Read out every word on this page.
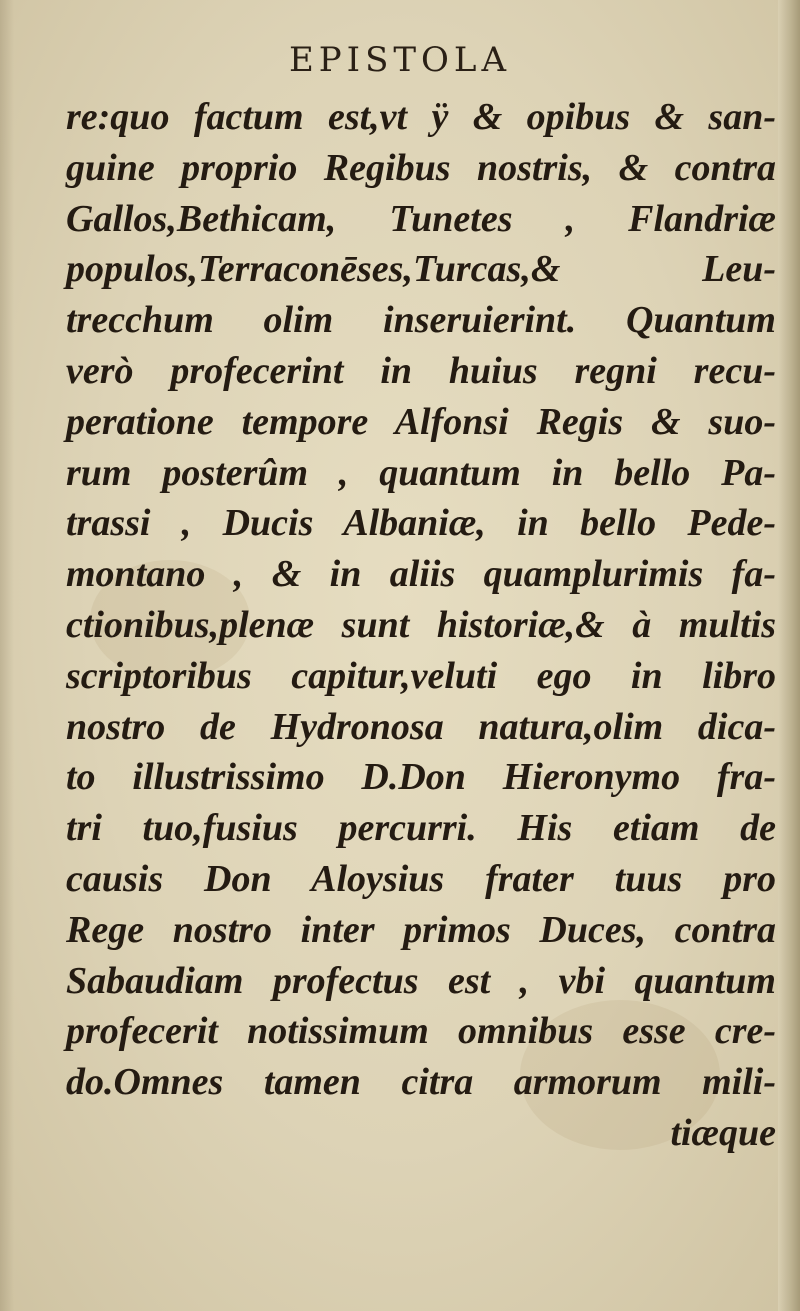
EPISTOLA
re:quo factum est,vt ÿ & opibus & san-
guine proprio Regibus nostris, & contra
Gallos,Bethicam, Tunetes , Flandriæ
populos,Terraconēses,Turcas,& Leu-
trecchum olim inseruierint. Quantum
verò profecerint in huius regni recu-
peratione tempore Alfonsi Regis & suo-
rum posterûm , quantum in bello Pa-
trassi , Ducis Albaniæ, in bello Pede-
montano , & in aliis quamplurimis fa-
ctionibus,plenæ sunt historiæ,& à multis
scriptoribus capitur,veluti ego in libro
nostro de Hydronosa natura,olim dica-
to illustrissimo D.Don Hieronymo fra-
tri tuo,fusius percurri. His etiam de
causis Don Aloysius frater tuus pro
Rege nostro inter primos Duces, contra
Sabaudiam profectus est , vbi quantum
profecerit notissimum omnibus esse cre-
do.Omnes tamen citra armorum mili-
tiæque
